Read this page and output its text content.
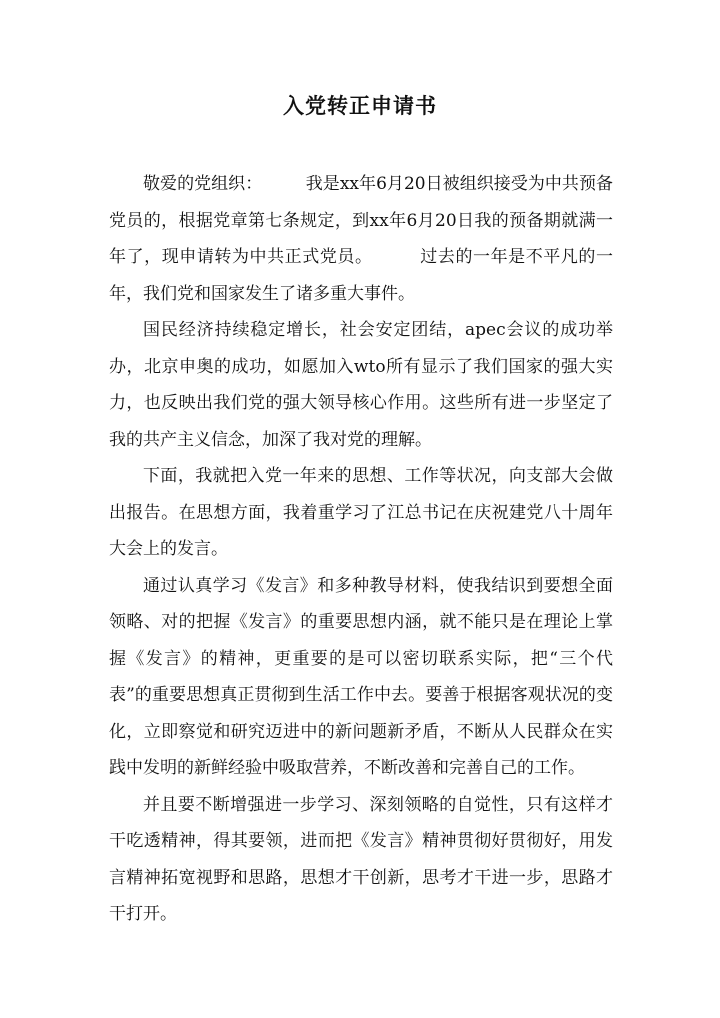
入党转正申请书

敬爱的党组织：        我是xx年6月20日被组织接受为中共预备党员的，根据党章第七条规定，到xx年6月20日我的预备期就满一年了，现申请转为中共正式党员。        过去的一年是不平凡的一年，我们党和国家发生了诸多重大事件。

国民经济持续稳定增长，社会安定团结，apec会议的成功举办，北京申奥的成功，如愿加入wto所有显示了我们国家的强大实力，也反映出我们党的强大领导核心作用。这些所有进一步坚定了我的共产主义信念，加深了我对党的理解。

下面，我就把入党一年来的思想、工作等状况，向支部大会做出报告。在思想方面，我着重学习了江总书记在庆祝建党八十周年大会上的发言。

通过认真学习《发言》和多种教导材料，使我结识到要想全面领略、对的把握《发言》的重要思想内涵，就不能只是在理论上掌握《发言》的精神，更重要的是可以密切联系实际，把“三个代表”的重要思想真正贯彻到生活工作中去。要善于根据客观状况的变化，立即察觉和研究迈进中的新问题新矛盾，不断从人民群众在实践中发明的新鲜经验中吸取营养，不断改善和完善自己的工作。

并且要不断增强进一步学习、深刻领略的自觉性，只有这样才干吃透精神，得其要领，进而把《发言》精神贯彻好贯彻好，用发言精神拓宽视野和思路，思想才干创新，思考才干进一步，思路才干打开。
